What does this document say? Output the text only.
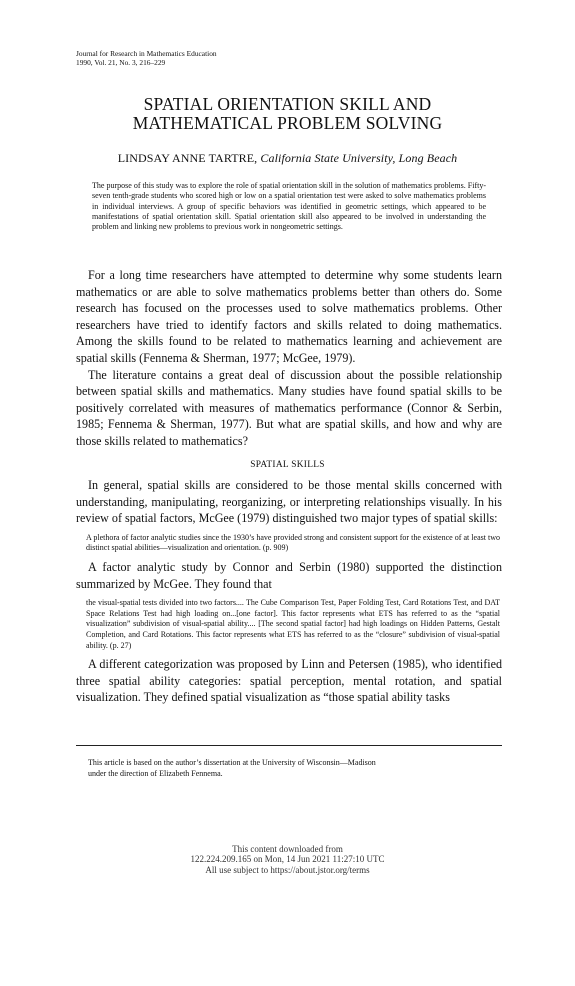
Journal for Research in Mathematics Education
1990, Vol. 21, No. 3, 216–229
SPATIAL ORIENTATION SKILL AND
MATHEMATICAL PROBLEM SOLVING
LINDSAY ANNE TARTRE, California State University, Long Beach
The purpose of this study was to explore the role of spatial orientation skill in the solution of mathematics problems. Fifty-seven tenth-grade students who scored high or low on a spatial orientation test were asked to solve mathematics problems in individual interviews. A group of specific behaviors was identified in geometric settings, which appeared to be manifestations of spatial orientation skill. Spatial orientation skill also appeared to be involved in understanding the problem and linking new problems to previous work in nongeometric settings.

For a long time researchers have attempted to determine why some students learn mathematics or are able to solve mathematics problems better than others do. Some research has focused on the processes used to solve mathematics problems. Other researchers have tried to identify factors and skills related to doing mathematics. Among the skills found to be related to mathematics learning and achievement are spatial skills (Fennema & Sherman, 1977; McGee, 1979).

The literature contains a great deal of discussion about the possible relationship between spatial skills and mathematics. Many studies have found spatial skills to be positively correlated with measures of mathematics performance (Connor & Serbin, 1985; Fennema & Sherman, 1977). But what are spatial skills, and how and why are those skills related to mathematics?

SPATIAL SKILLS

In general, spatial skills are considered to be those mental skills concerned with understanding, manipulating, reorganizing, or interpreting relationships visually. In his review of spatial factors, McGee (1979) distinguished two major types of spatial skills:

A plethora of factor analytic studies since the 1930’s have provided strong and consistent support for the existence of at least two distinct spatial abilities—visualization and orientation. (p. 909)

A factor analytic study by Connor and Serbin (1980) supported the distinction summarized by McGee. They found that

the visual-spatial tests divided into two factors.... The Cube Comparison Test, Paper Folding Test, Card Rotations Test, and DAT Space Relations Test had high loading on...[one factor]. This factor represents what ETS has referred to as the “spatial visualization” subdivision of visual-spatial ability.... [The second spatial factor] had high loadings on Hidden Patterns, Gestalt Completion, and Card Rotations. This factor represents what ETS has referred to as the “closure” subdivision of visual-spatial ability. (p. 27)

A different categorization was proposed by Linn and Petersen (1985), who identified three spatial ability categories: spatial perception, mental rotation, and spatial visualization. They defined spatial visualization as “those spatial ability tasks

This article is based on the author’s dissertation at the University of Wisconsin—Madison
under the direction of Elizabeth Fennema.
This content downloaded from
122.224.209.165 on Mon, 14 Jun 2021 11:27:10 UTC
All use subject to https://about.jstor.org/terms
